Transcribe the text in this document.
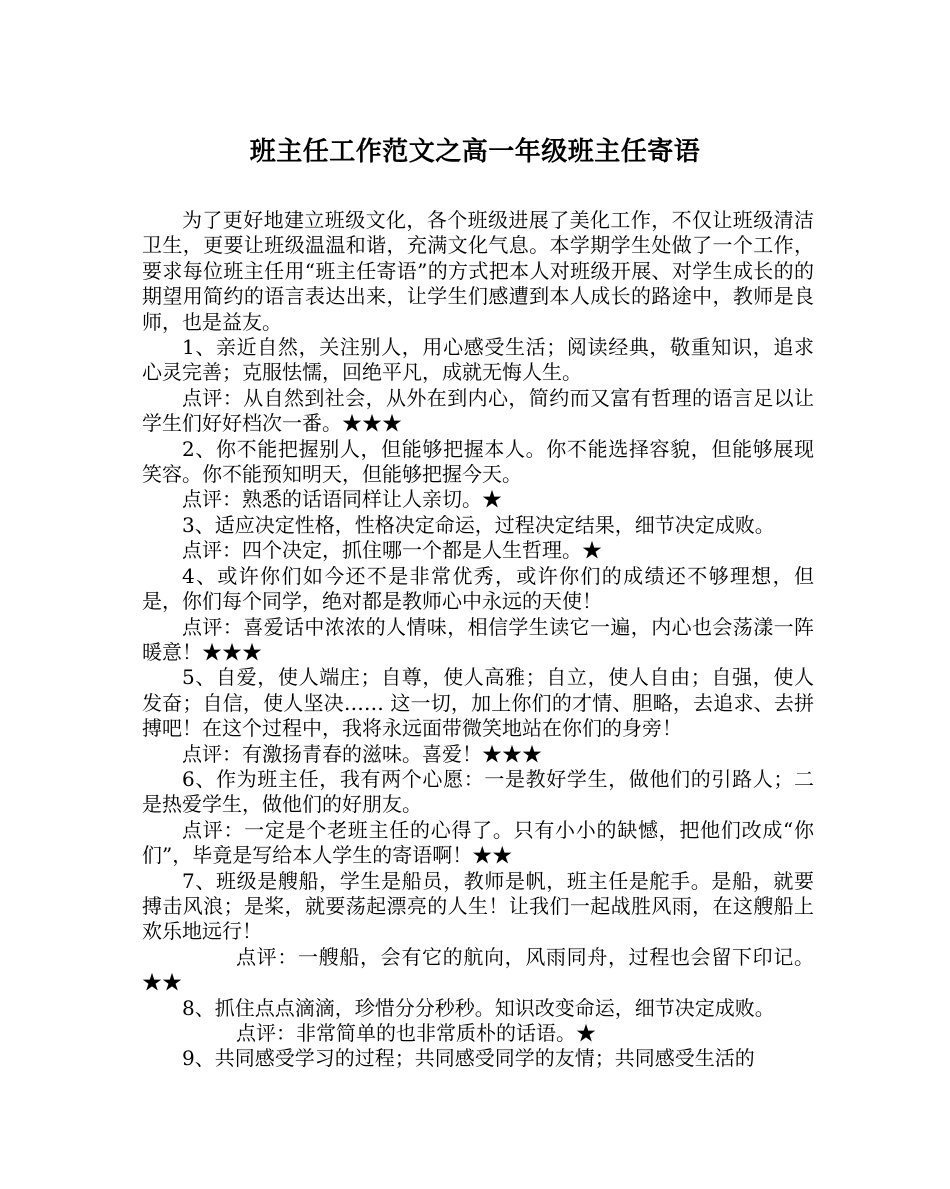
班主任工作范文之高一年级班主任寄语

为了更好地建立班级文化，各个班级进展了美化工作，不仅让班级清洁卫生，更要让班级温温和谐，充满文化气息。本学期学生处做了一个工作，要求每位班主任用“班主任寄语”的方式把本人对班级开展、对学生成长的的期望用简约的语言表达出来，让学生们感遭到本人成长的路途中，教师是良师，也是益友。

1、亲近自然，关注别人，用心感受生活；阅读经典，敬重知识，追求心灵完善；克服怯懦，回绝平凡，成就无悔人生。

点评：从自然到社会，从外在到内心，简约而又富有哲理的语言足以让学生们好好档次一番。★★★

2、你不能把握别人，但能够把握本人。你不能选择容貌，但能够展现笑容。你不能预知明天，但能够把握今天。

点评：熟悉的话语同样让人亲切。★

3、适应决定性格，性格决定命运，过程决定结果，细节决定成败。

点评：四个决定，抓住哪一个都是人生哲理。★

4、或许你们如今还不是非常优秀，或许你们的成绩还不够理想，但是，你们每个同学，绝对都是教师心中永远的天使！

点评：喜爱话中浓浓的人情味，相信学生读它一遍，内心也会荡漾一阵暖意！★★★

5、自爱，使人端庄；自尊，使人高雅；自立，使人自由；自强，使人发奋；自信，使人坚决…… 这一切，加上你们的才情、胆略，去追求、去拼搏吧！在这个过程中，我将永远面带微笑地站在你们的身旁！

点评：有激扬青春的滋味。喜爱！★★★

6、作为班主任，我有两个心愿：一是教好学生，做他们的引路人；二是热爱学生，做他们的好朋友。

点评：一定是个老班主任的心得了。只有小小的缺憾，把他们改成“你们”，毕竟是写给本人学生的寄语啊！★★

7、班级是艘船，学生是船员，教师是帆，班主任是舵手。是船，就要搏击风浪；是桨，就要荡起漂亮的人生！让我们一起战胜风雨，在这艘船上欢乐地远行！

点评：一艘船，会有它的航向，风雨同舟，过程也会留下印记。★★

8、抓住点点滴滴，珍惜分分秒秒。知识改变命运，细节决定成败。

点评：非常简单的也非常质朴的话语。★

9、共同感受学习的过程；共同感受同学的友情；共同感受生活的
